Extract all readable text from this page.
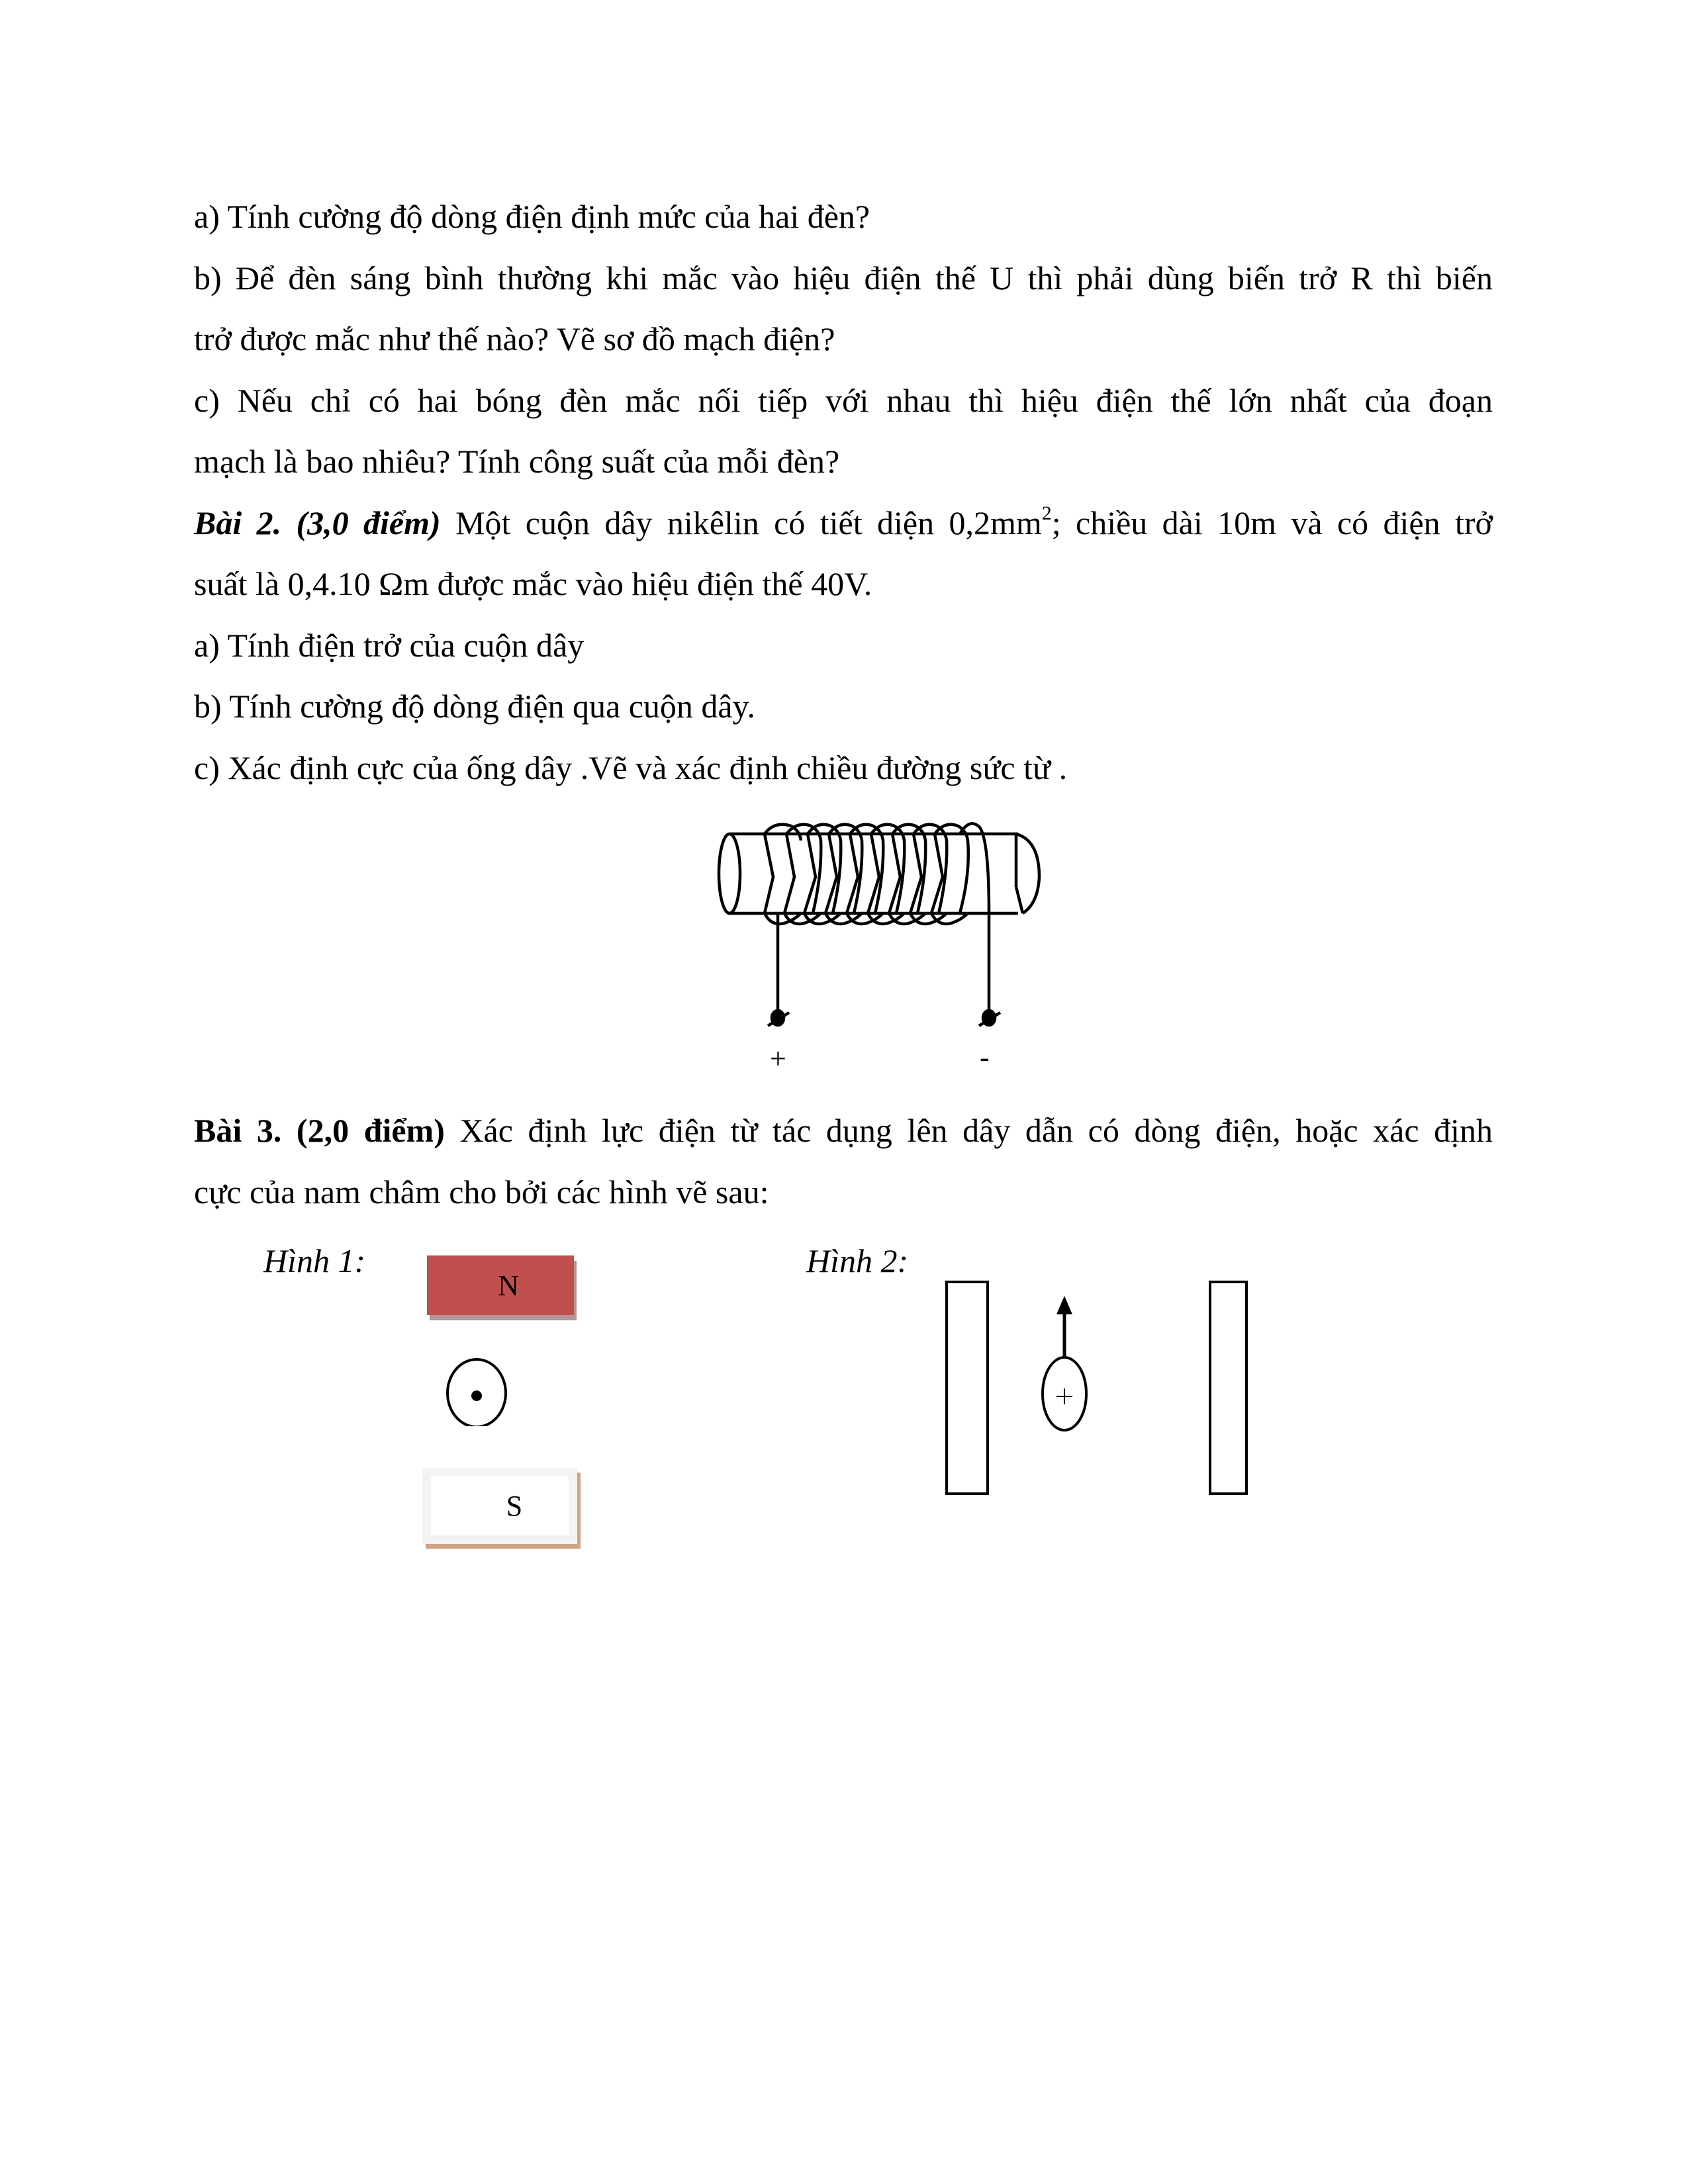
a) Tính cường độ dòng điện định mức của hai đèn?
b) Để đèn sáng bình thường khi mắc vào hiệu điện thế U thì phải dùng biến trở R thì biến
trở được mắc như thế nào? Vẽ sơ đồ mạch điện?
c) Nếu chỉ có hai bóng đèn mắc nối tiếp với nhau thì hiệu điện thế lớn nhất của đoạn
mạch là bao nhiêu? Tính công suất của mỗi đèn?
Bài 2. (3,0 điểm) Một cuộn dây nikêlin có tiết diện $0,2mm^2$; chiều dài 10m và có điện trở
suất là 0,4.10 Ωm được mắc vào hiệu điện thế 40V.
a) Tính điện trở của cuộn dây
b) Tính cường độ dòng điện qua cuộn dây.
c) Xác định cực của ống dây .Vẽ và xác định chiều đường sức từ .
+	-
Bài 3. (2,0 điểm) Xác định lực điện từ tác dụng lên dây dẫn có dòng điện, hoặc xác định
cực của nam châm cho bởi các hình vẽ sau:
Hình 1:
N
S
Hình 2:
